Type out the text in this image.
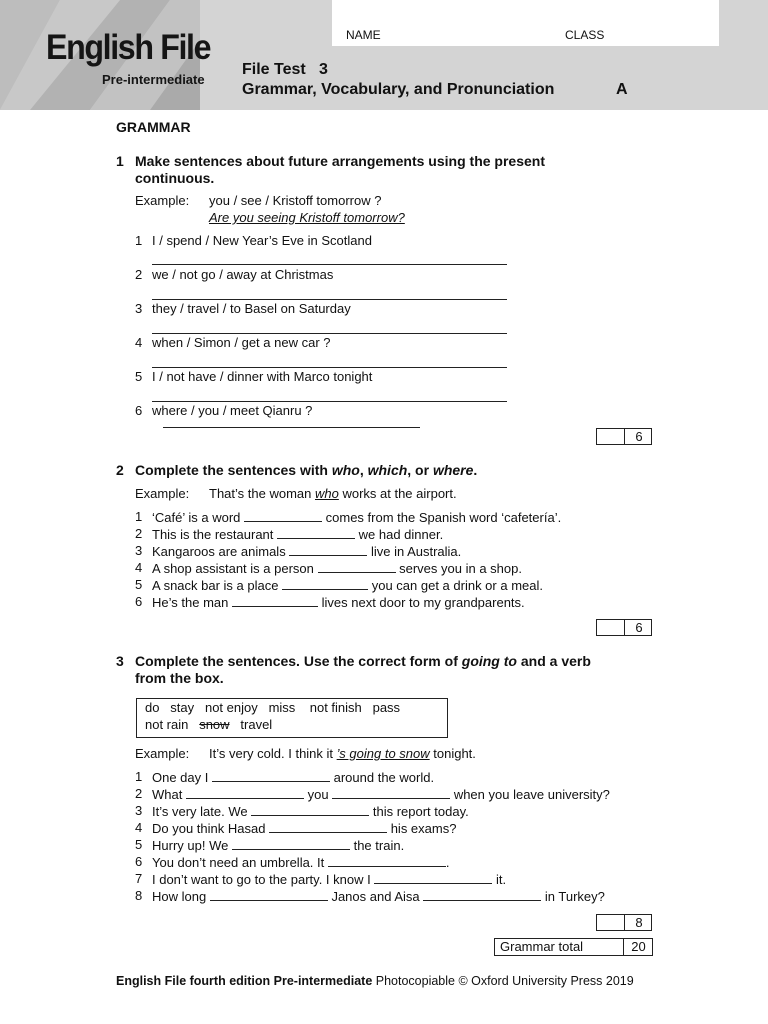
English File
Pre-intermediate
NAME	CLASS
File Test   3
Grammar, Vocabulary, and Pronunciation	A
GRAMMAR
1 Make sentences about future arrangements using the present
continuous.
Example: you / see / Kristoff tomorrow ?
Are you seeing Kristoff tomorrow?
1 I / spend / New Year’s Eve in Scotland
2 we / not go / away at Christmas
3 they / travel / to Basel on Saturday
4 when / Simon / get a new car ?
5 I / not have / dinner with Marco tonight
6 where / you / meet Qianru ?
6
2 Complete the sentences with who, which, or where.
Example: That’s the woman who works at the airport.
1 ‘Café’ is a word	comes from the Spanish word ‘cafetería’.
2 This is the restaurant	we had dinner.
3 Kangaroos are animals	live in Australia.
4 A shop assistant is a person	serves you in a shop.
5 A snack bar is a place	you can get a drink or a meal.
6 He’s the man	lives next door to my grandparents.
6
3 Complete the sentences. Use the correct form of going to and a verb
from the box.
do   stay   not enjoy   miss    not finish   pass
not rain   snow   travel
Example: It’s very cold. I think it ’s going to snow tonight.
1 One day I	around the world.
2 What	you	when you leave university?
3 It’s very late. We	this report today.
4 Do you think Hasad	his exams?
5 Hurry up! We	the train.
6 You don’t need an umbrella. It	.
7 I don’t want to go to the party. I know I	it.
8 How long	Janos and Aisa	in Turkey?
8
Grammar total	20
English File fourth edition Pre-intermediate Photocopiable © Oxford University Press 2019
